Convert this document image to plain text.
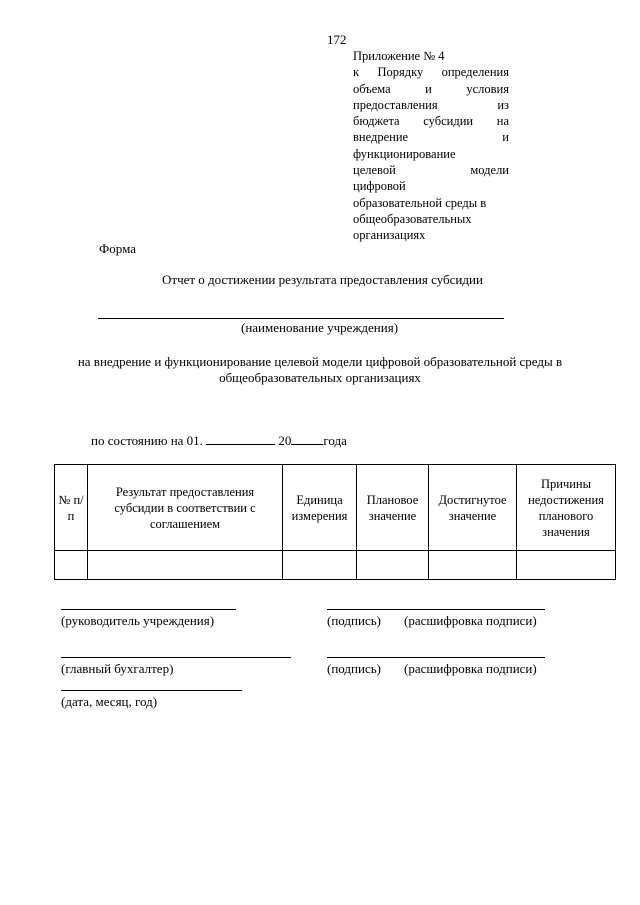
172
Приложение № 4
к Порядку определения
объема и условия
предоставления из
бюджета субсидии на
внедрение и
функционирование
целевой модели
цифровой
образовательной среды в
общеобразовательных
организациях
Форма
Отчет о достижении результата предоставления субсидии
(наименование учреждения)
на внедрение и функционирование целевой модели цифровой образовательной среды в
общеобразовательных организациях
по состоянию на 01.	20 года
№ п/п	Результат предоставления субсидии в соответствии с соглашением	Единица измерения	Плановое значение	Достигнутое значение	Причины недостижения планового значения

(руководитель учреждения)	(подпись) (расшифровка подписи)
(главный бухгалтер)	(подпись) (расшифровка подписи)
(дата, месяц, год)
